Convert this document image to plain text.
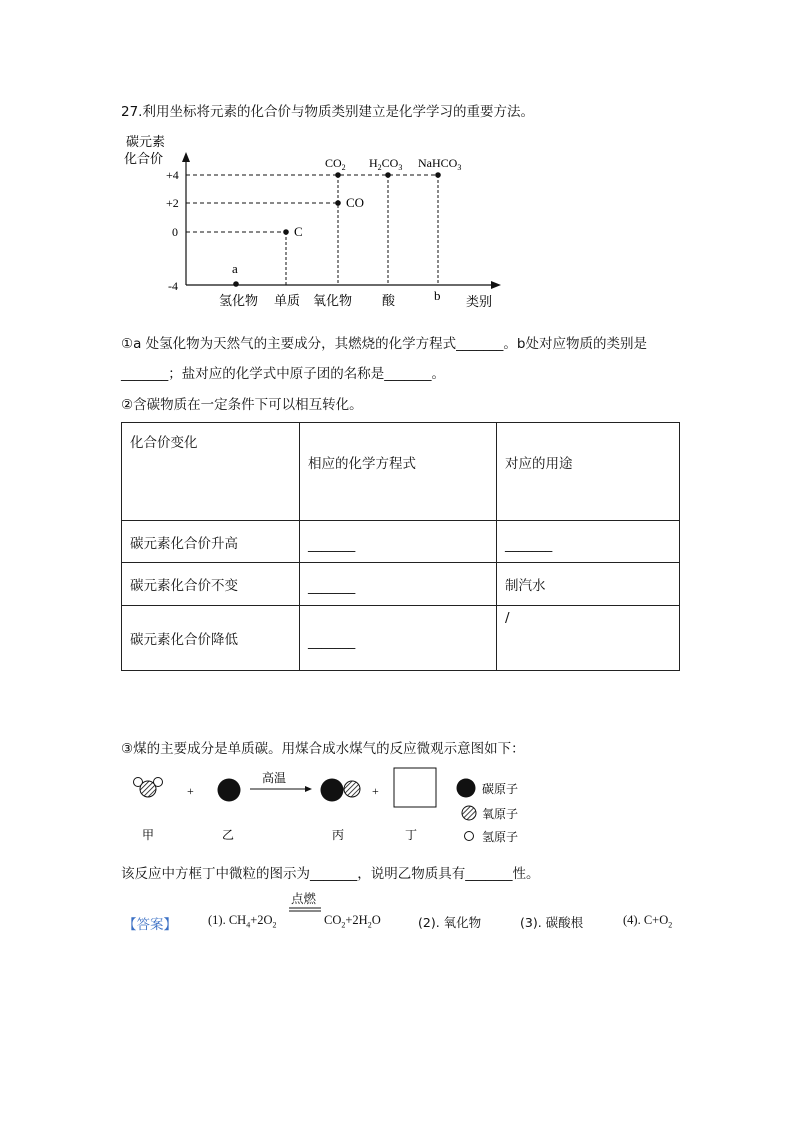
27.利用坐标将元素的化合价与物质类别建立是化学学习的重要方法。
碳元素
化合价
+4
+2
0
-4
a
C
CO
$CO_2$ $H_2CO_3$ NaHCO$_3$
氢化物 单质 氧化物 酸	b 类别
①a 处氢化物为天然气的主要成分，其燃烧的化学方程式_______。b处对应物质的类别是
_______；盐对应的化学式中原子团的名称是_______。
②含碳物质在一定条件下可以相互转化。
化合价变化	相应的化学方程式	对应的用途
碳元素化合价升高	_______	_______
碳元素化合价不变	_______	制汽水
碳元素化合价降低	_______	/
③煤的主要成分是单质碳。用煤合成水煤气的反应微观示意图如下：
+
高温
+	碳原子
氧原子
氢原子
甲	乙	丙	丁
该反应中方框丁中微粒的图示为_______，说明乙物质具有_______性。
【答案】 (1). $CH_4+2O_2$
点燃
$CO_2+2H_2O$	(2). 氧化物	(3). 碳酸根	(4). $C+O_2$
